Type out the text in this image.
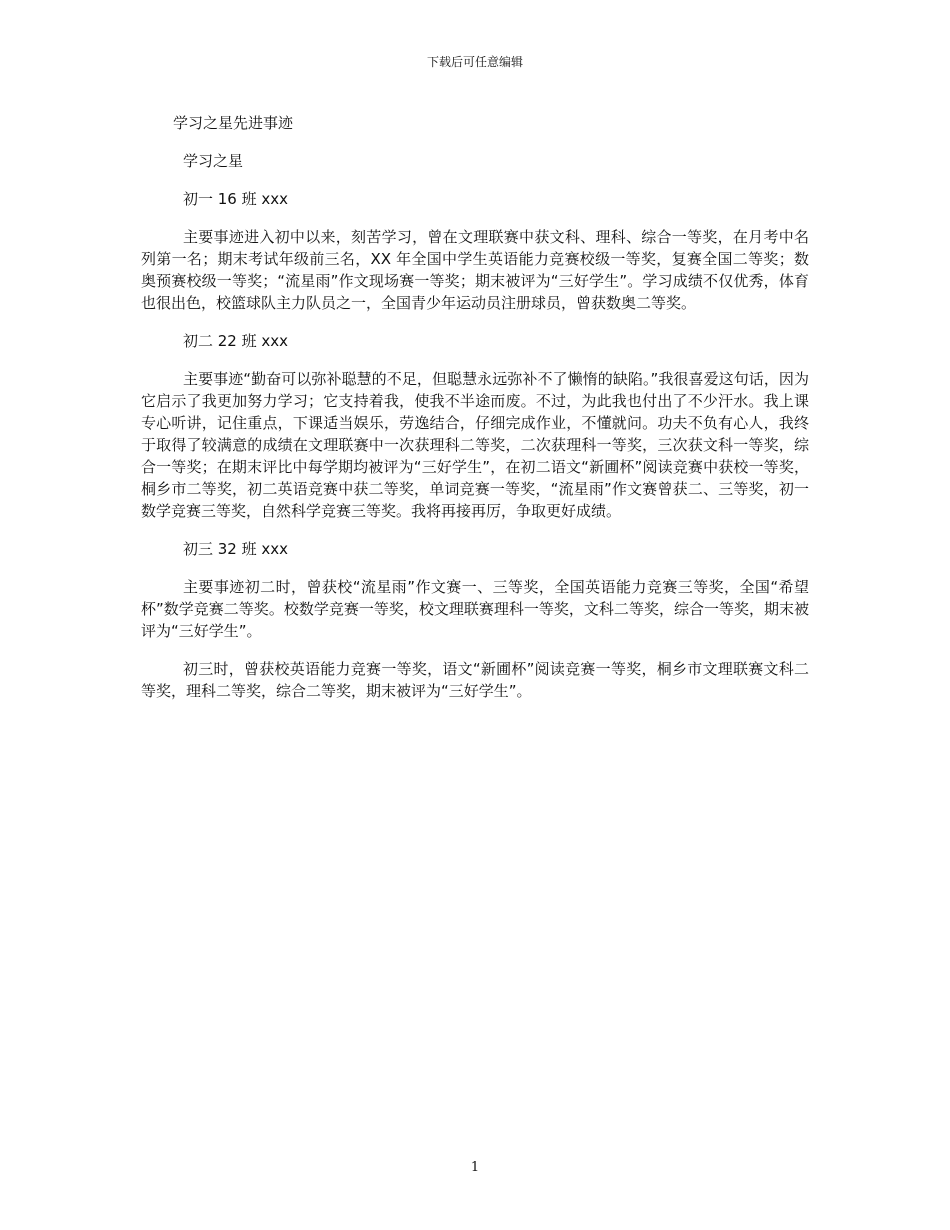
下载后可任意编辑
学习之星先进事迹
学习之星
初一 16 班 xxx

主要事迹进入初中以来，刻苦学习，曾在文理联赛中获文科、理科、综合一等奖，在月考中名列第一名；期末考试年级前三名，XX 年全国中学生英语能力竞赛校级一等奖，复赛全国二等奖；数奥预赛校级一等奖；“流星雨”作文现场赛一等奖；期末被评为“三好学生”。学习成绩不仅优秀，体育也很出色，校篮球队主力队员之一，全国青少年运动员注册球员，曾获数奥二等奖。

初二 22 班 xxx

主要事迹“勤奋可以弥补聪慧的不足，但聪慧永远弥补不了懒惰的缺陷。”我很喜爱这句话，因为它启示了我更加努力学习；它支持着我，使我不半途而废。不过，为此我也付出了不少汗水。我上课专心听讲，记住重点，下课适当娱乐，劳逸结合，仔细完成作业，不懂就问。功夫不负有心人，我终于取得了较满意的成绩在文理联赛中一次获理科二等奖，二次获理科一等奖，三次获文科一等奖，综合一等奖；在期末评比中每学期均被评为“三好学生”，在初二语文“新圃杯”阅读竞赛中获校一等奖，桐乡市二等奖，初二英语竞赛中获二等奖，单词竞赛一等奖，“流星雨”作文赛曾获二、三等奖，初一数学竞赛三等奖，自然科学竞赛三等奖。我将再接再厉，争取更好成绩。

初三 32 班 xxx

主要事迹初二时，曾获校“流星雨”作文赛一、三等奖，全国英语能力竞赛三等奖，全国“希望杯”数学竞赛二等奖。校数学竞赛一等奖，校文理联赛理科一等奖，文科二等奖，综合一等奖，期末被评为“三好学生”。

初三时，曾获校英语能力竞赛一等奖，语文“新圃杯”阅读竞赛一等奖，桐乡市文理联赛文科二等奖，理科二等奖，综合二等奖，期末被评为“三好学生”。

1
